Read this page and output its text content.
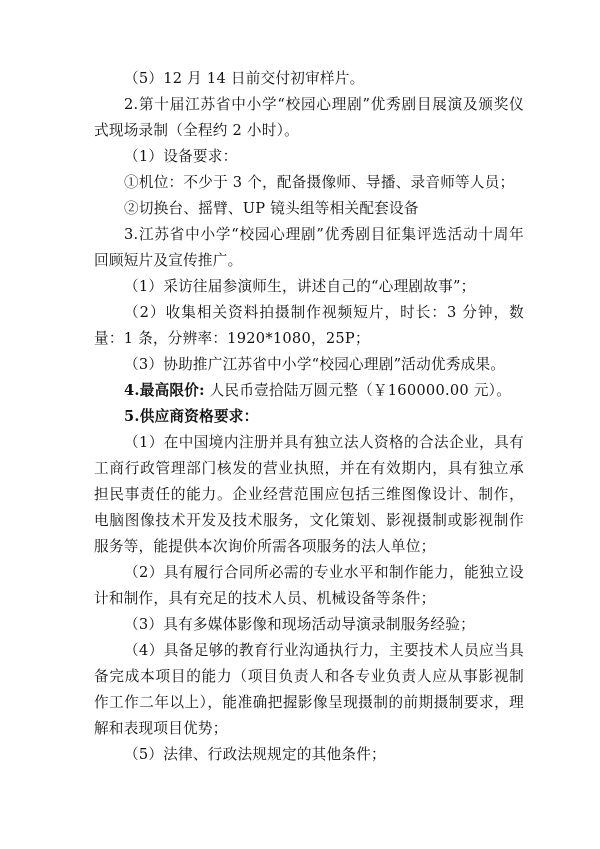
（5）12 月 14 日前交付初审样片。

2.第十届江苏省中小学“校园心理剧”优秀剧目展演及颁奖仪式现场录制（全程约 2 小时）。

（1）设备要求：

①机位：不少于 3 个，配备摄像师、导播、录音师等人员；

②切换台、摇臂、UP 镜头组等相关配套设备

3.江苏省中小学“校园心理剧”优秀剧目征集评选活动十周年回顾短片及宣传推广。

（1）采访往届参演师生，讲述自己的“心理剧故事”；

（2）收集相关资料拍摄制作视频短片，时长：3 分钟，数量：1 条，分辨率：1920*1080，25P；

（3）协助推广江苏省中小学“校园心理剧”活动优秀成果。

4.最高限价: 人民币壹拾陆万圆元整（￥160000.00 元）。

5.供应商资格要求：

（1）在中国境内注册并具有独立法人资格的合法企业，具有工商行政管理部门核发的营业执照，并在有效期内，具有独立承担民事责任的能力。企业经营范围应包括三维图像设计、制作，电脑图像技术开发及技术服务，文化策划、影视摄制或影视制作服务等，能提供本次询价所需各项服务的法人单位；

（2）具有履行合同所必需的专业水平和制作能力，能独立设计和制作，具有充足的技术人员、机械设备等条件；

（3）具有多媒体影像和现场活动导演录制服务经验；

（4）具备足够的教育行业沟通执行力，主要技术人员应当具备完成本项目的能力（项目负责人和各专业负责人应从事影视制作工作二年以上），能准确把握影像呈现摄制的前期摄制要求，理解和表现项目优势；

（5）法律、行政法规规定的其他条件；
